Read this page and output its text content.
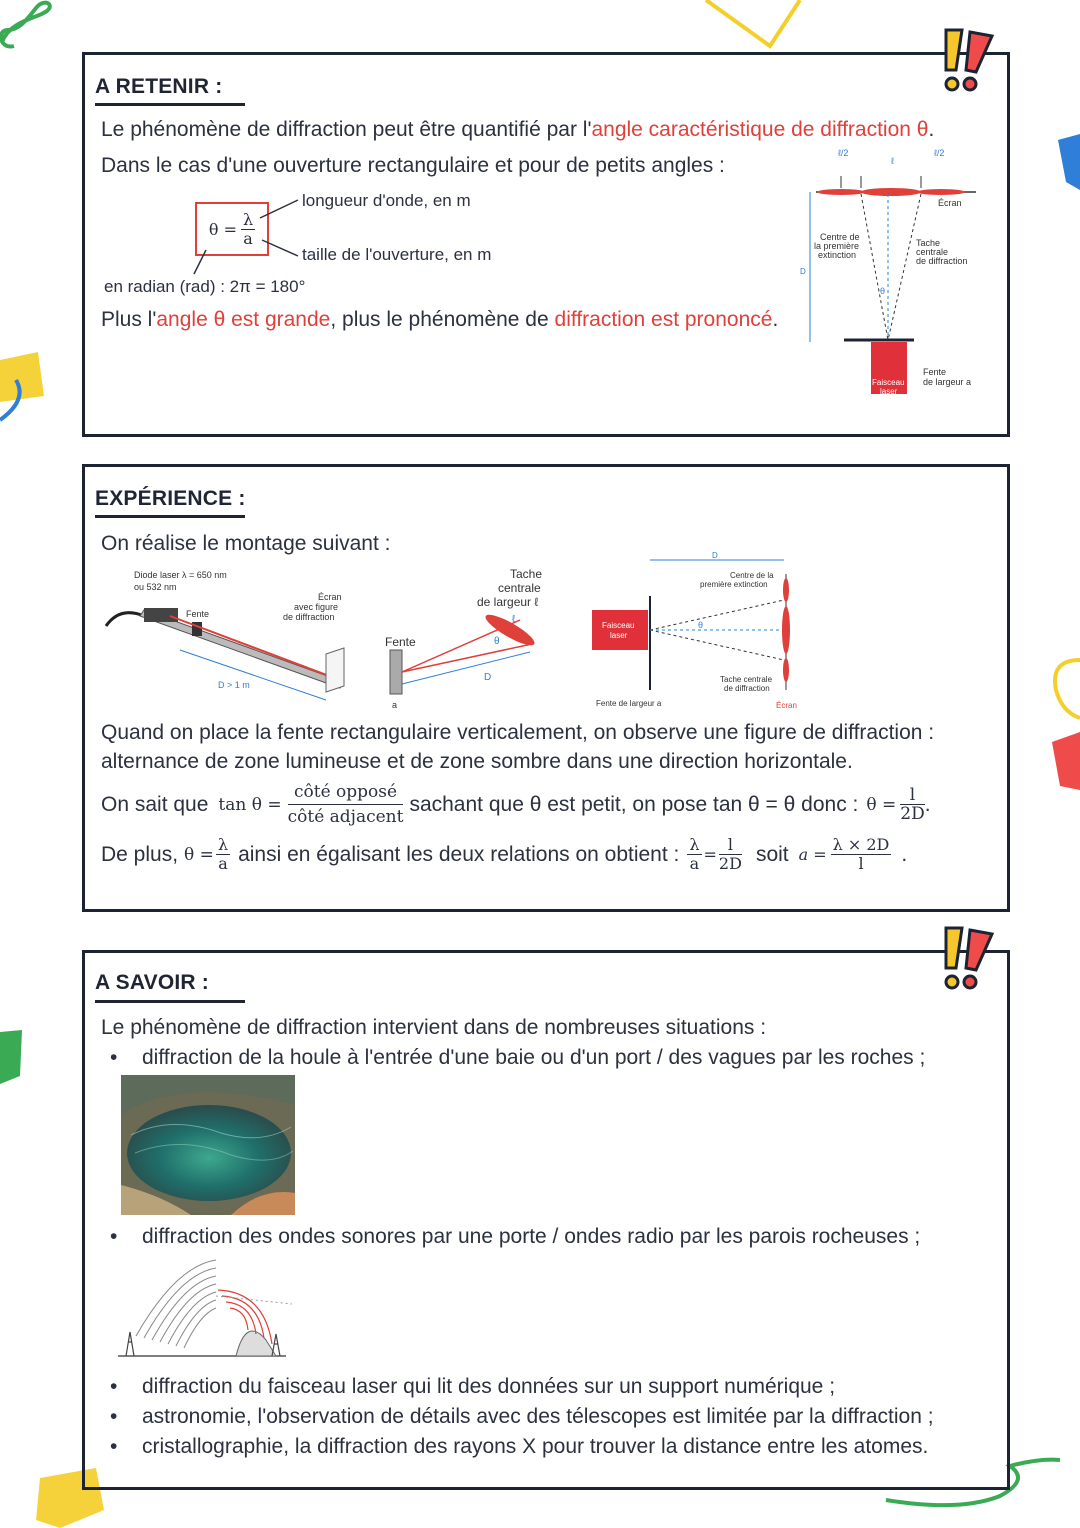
A RETENIR :
Le phénomène de diffraction peut être quantifié par l'angle caractéristique de diffraction θ.
Dans le cas d'une ouverture rectangulaire et pour de petits angles :
$\theta = \frac{\lambda}{a}$
longueur d'onde, en m
taille de l'ouverture, en m
en radian (rad) : 2π = 180°
Plus l'angle θ est grande, plus le phénomène de diffraction est prononcé.
ℓ/2
ℓ
ℓ/2
Écran
D
θ
Centre de
la première
extinction
Tache
centrale
de diffraction
Faisceau
laser
Fente
de largeur a
EXPÉRIENCE :
On réalise le montage suivant :
Diode laser λ = 650 nm
ou 532 nm
Fente
Écran
avec figure
de diffraction
D > 1 m
Fente
a
Tache
centrale
de largeur ℓ
ℓ
θ
D
D
Faisceau
laser
θ
Centre de la
première extinction
Tache centrale
de diffraction
Fente de largeur a	Écran
Quand on place la fente rectangulaire verticalement, on observe une figure de diffraction :
alternance de zone lumineuse et de zone sombre dans une direction horizontale.
On sait que $\tan \theta = \frac{\text{côté opposé}}{\text{côté adjacent}}$ sachant que θ est petit, on pose tan θ = θ donc : $\theta = \frac{l}{2D}$ .
De plus, $\theta = \frac{\lambda}{a}$ ainsi en égalisant les deux relations on obtient : $\frac{\lambda}{a} = \frac{l}{2D}$ soit $a = \frac{\lambda \times 2D}{l}$ .
A SAVOIR :
Le phénomène de diffraction intervient dans de nombreuses situations :
• diffraction de la houle à l'entrée d'une baie ou d'un port / des vagues par les roches ;
• diffraction des ondes sonores par une porte / ondes radio par les parois rocheuses ;
• diffraction du faisceau laser qui lit des données sur un support numérique ;
• astronomie, l'observation de détails avec des télescopes est limitée par la diffraction ;
• cristallographie, la diffraction des rayons X pour trouver la distance entre les atomes.
